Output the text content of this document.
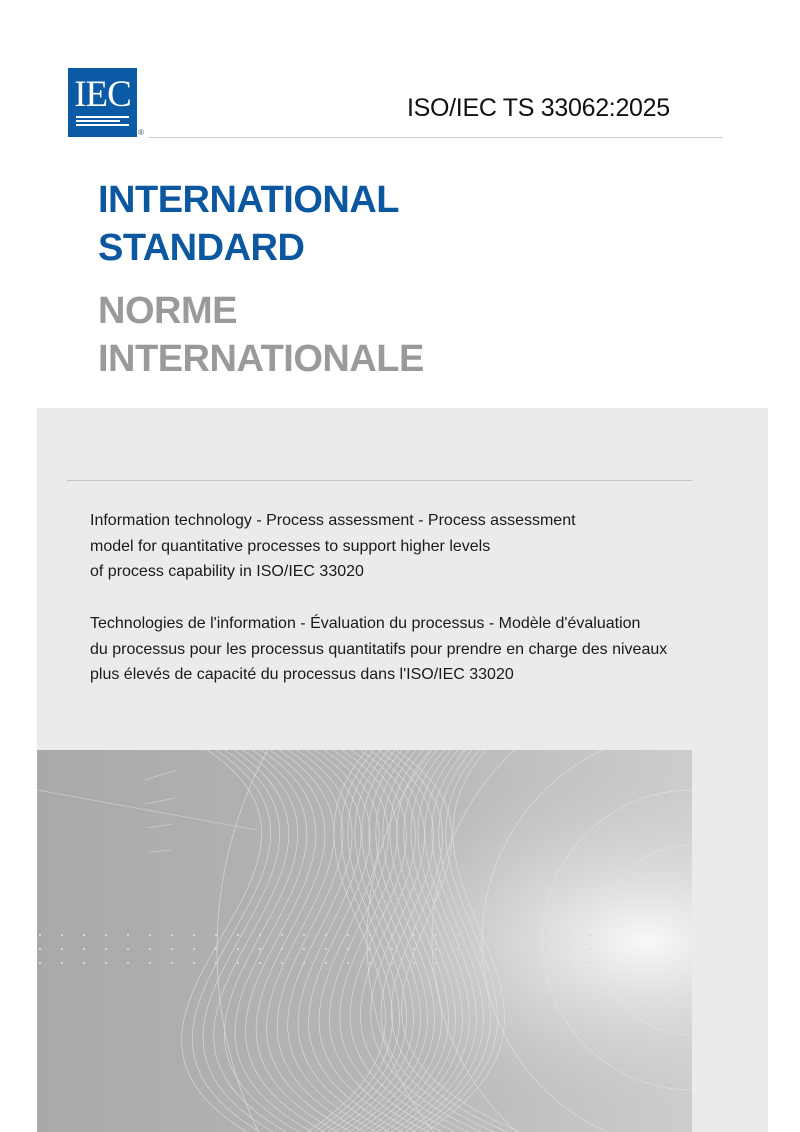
IEC
®
ISO/IEC TS 33062:2025
INTERNATIONAL
STANDARD
NORME
INTERNATIONALE
Information technology - Process assessment - Process assessment
model for quantitative processes to support higher levels
of process capability in ISO/IEC 33020
Technologies de l'information - Évaluation du processus - Modèle d'évaluation
du processus pour les processus quantitatifs pour prendre en charge des niveaux
plus élevés de capacité du processus dans l'ISO/IEC 33020
